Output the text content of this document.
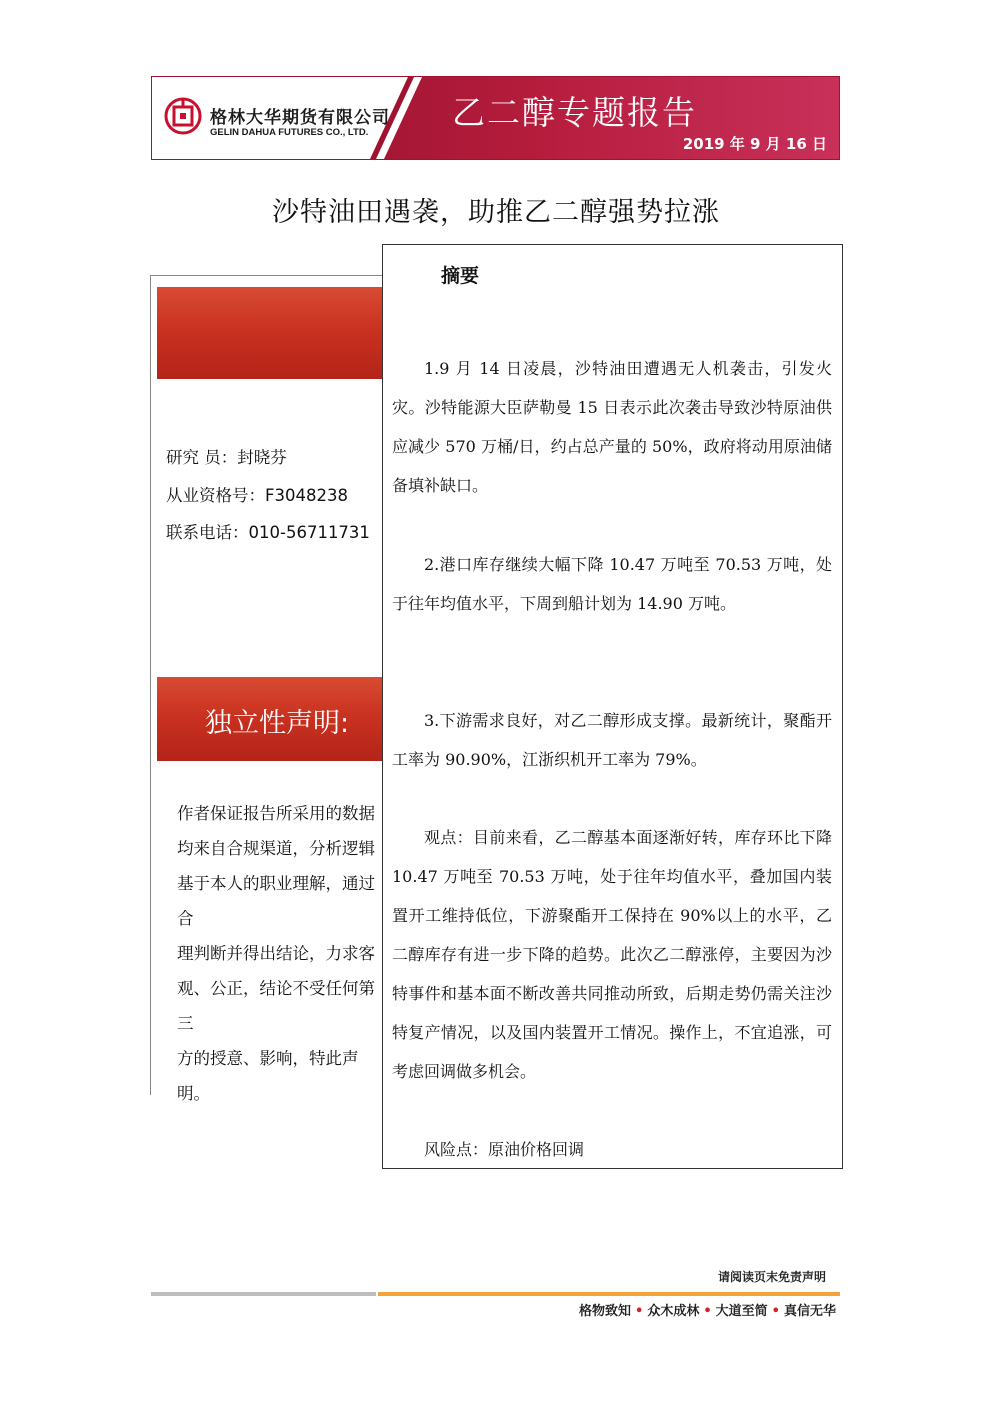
格林大华期货有限公司
GELIN DAHUA FUTURES CO., LTD.
乙二醇专题报告
2019 年 9 月 16 日
沙特油田遇袭，助推乙二醇强势拉涨
研究 员：封晓芬
从业资格号：F3048238
联系电话：010-56711731
独立性声明:
作者保证报告所采用的数据
均来自合规渠道，分析逻辑
基于本人的职业理解，通过合
理判断并得出结论，力求客
观、公正，结论不受任何第三
方的授意、影响，特此声明。
摘要
1.9 月 14 日凌晨，沙特油田遭遇无人机袭击，引发火灾。沙特能源大臣萨勒曼 15 日表示此次袭击导致沙特原油供应减少 570 万桶/日，约占总产量的 50%，政府将动用原油储备填补缺口。
2.港口库存继续大幅下降 10.47 万吨至 70.53 万吨，处于往年均值水平，下周到船计划为 14.90 万吨。
3.下游需求良好，对乙二醇形成支撑。最新统计，聚酯开工率为 90.90%，江浙织机开工率为 79%。
观点：目前来看，乙二醇基本面逐渐好转，库存环比下降 10.47 万吨至 70.53 万吨，处于往年均值水平，叠加国内装置开工维持低位，下游聚酯开工保持在 90%以上的水平，乙二醇库存有进一步下降的趋势。此次乙二醇涨停，主要因为沙特事件和基本面不断改善共同推动所致，后期走势仍需关注沙特复产情况，以及国内装置开工情况。操作上，不宜追涨，可考虑回调做多机会。
风险点：原油价格回调
请阅读页末免责声明
格物致知 • 众木成林 • 大道至简 • 真信无华
